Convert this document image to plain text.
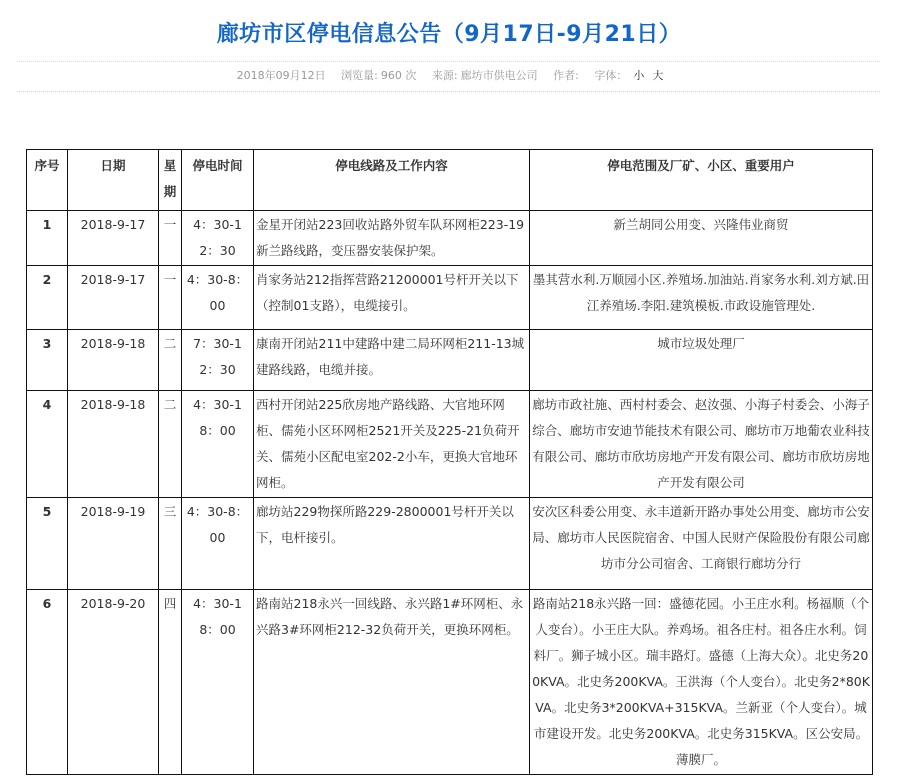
廊坊市区停电信息公告（9月17日-9月21日）
2018年09月12日 浏览量: 960 次 来源: 廊坊市供电公司 作者: 字体： 小 大
序号	日期	星期	停电时间	停电线路及工作内容	停电范围及厂矿、小区、重要用户
1	2018-9-17	一	4：30-12：30	金星开闭站223回收站路外贸车队环网柜223-19新兰路线路，变压器安装保护架。	新兰胡同公用变、兴隆伟业商贸
2	2018-9-17	一	4：30-8：00	肖家务站212指挥营路21200001号杆开关以下（控制01支路），电缆接引。	墨其营水利.万顺园小区.养殖场.加油站.肖家务水利.刘方斌.田江养殖场.李阳.建筑模板.市政设施管理处.
3	2018-9-18	二	7：30-12：30	康南开闭站211中建路中建二局环网柜211-13城建路线路，电缆并接。	城市垃圾处理厂
4	2018-9-18	二	4：30-18：00	西村开闭站225欣房地产路线路、大官地环网柜、儒苑小区环网柜2521开关及225-21负荷开关、儒苑小区配电室202-2小车，更换大官地环网柜。	廊坊市政社施、西村村委会、赵汝强、小海子村委会、小海子综合、廊坊市安迪节能技术有限公司、廊坊市万地葡农业科技有限公司、廊坊市欣坊房地产开发有限公司、廊坊市欣坊房地产开发有限公司
5	2018-9-19	三	4：30-8：00	廊坊站229物探所路229-2800001号杆开关以下，电杆接引。	安次区科委公用变、永丰道新开路办事处公用变、廊坊市公安局、廊坊市人民医院宿舍、中国人民财产保险股份有限公司廊坊市分公司宿舍、工商银行廊坊分行
6	2018-9-20	四	4：30-18：00	路南站218永兴一回线路、永兴路1#环网柜、永兴路3#环网柜212-32负荷开关，更换环网柜。	路南站218永兴路一回：盛德花园。小王庄水利。杨福顺（个人变台）。小王庄大队。养鸡场。祖各庄村。祖各庄水利。饲料厂。狮子城小区。瑞丰路灯。盛德（上海大众）。北史务200KVA。北史务200KVA。王洪海（个人变台）。北史务2*80KVA。北史务3*200KVA+315KVA。兰新亚（个人变台）。城市建设开发。北史务200KVA。北史务315KVA。区公安局。薄膜厂。
